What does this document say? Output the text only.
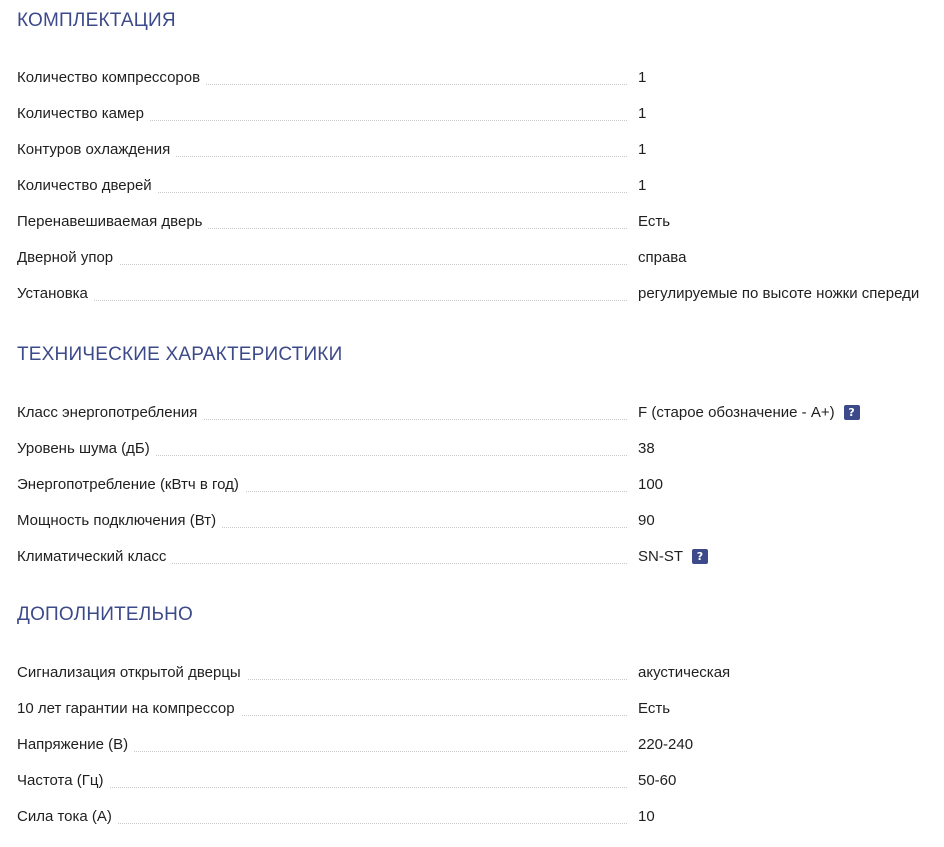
КОМПЛЕКТАЦИЯ
Количество компрессоров	1
Количество камер	1
Контуров охлаждения	1
Количество дверей	1
Перенавешиваемая дверь	Есть
Дверной упор	справа
Установка	регулируемые по высоте ножки спереди
ТЕХНИЧЕСКИЕ ХАРАКТЕРИСТИКИ
Класс энергопотребления	F (старое обозначение - A+)	?
Уровень шума (дБ)	38
Энергопотребление (кВтч в год)	100
Мощность подключения (Вт)	90
Климатический класс	SN-ST	?
ДОПОЛНИТЕЛЬНО
Сигнализация открытой дверцы	акустическая
10 лет гарантии на компрессор	Есть
Напряжение (В)	220-240
Частота (Гц)	50-60
Сила тока (А)	10
